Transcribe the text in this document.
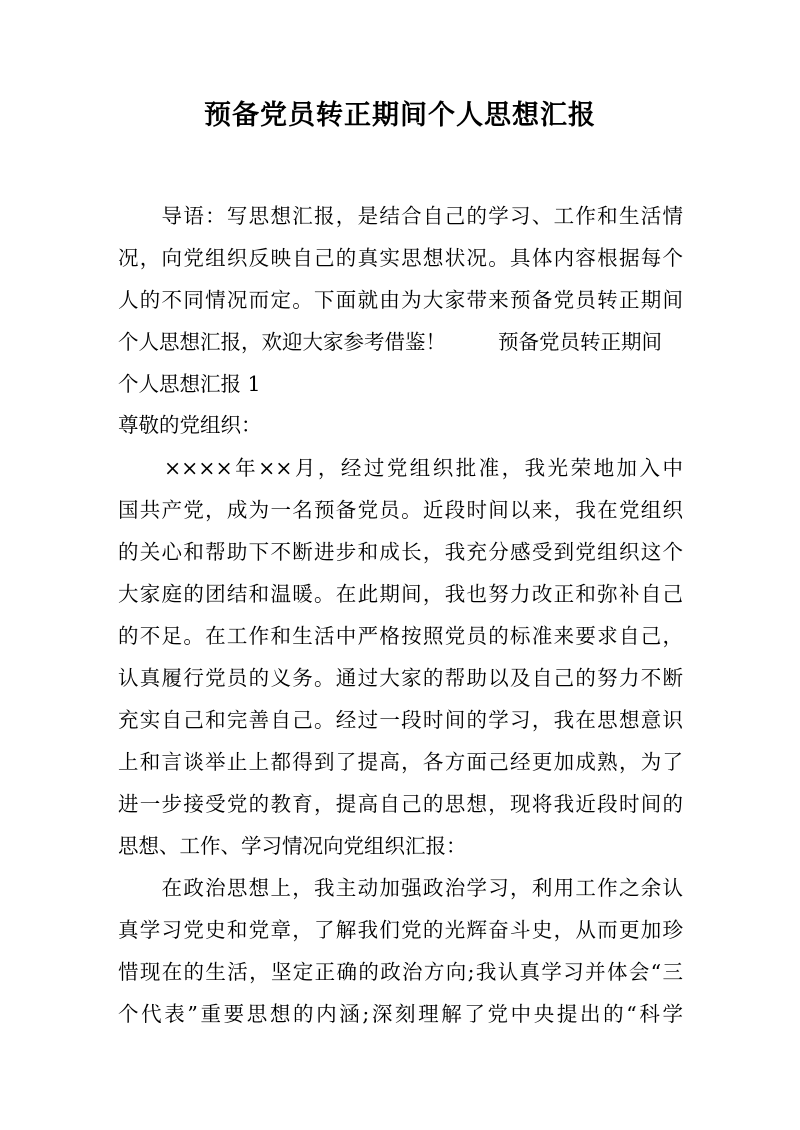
预备党员转正期间个人思想汇报

　　导语：写思想汇报，是结合自己的学习、工作和生活情

况，向党组织反映自己的真实思想状况。具体内容根据每个

人的不同情况而定。下面就由为大家带来预备党员转正期间

个人思想汇报，欢迎大家参考借鉴！	预备党员转正期间

个人思想汇报 1

尊敬的党组织：

　　××××年××月，经过党组织批准，我光荣地加入中

国共产党，成为一名预备党员。近段时间以来，我在党组织

的关心和帮助下不断进步和成长，我充分感受到党组织这个

大家庭的团结和温暖。在此期间，我也努力改正和弥补自己

的不足。在工作和生活中严格按照党员的标准来要求自己，

认真履行党员的义务。通过大家的帮助以及自己的努力不断

充实自己和完善自己。经过一段时间的学习，我在思想意识

上和言谈举止上都得到了提高，各方面己经更加成熟，为了

进一步接受党的教育，提高自己的思想，现将我近段时间的

思想、工作、学习情况向党组织汇报：

　　在政治思想上，我主动加强政治学习，利用工作之余认

真学习党史和党章，了解我们党的光辉奋斗史，从而更加珍

惜现在的生活，坚定正确的政治方向;我认真学习并体会“三

个代表”重要思想的内涵;深刻理解了党中央提出的“科学
